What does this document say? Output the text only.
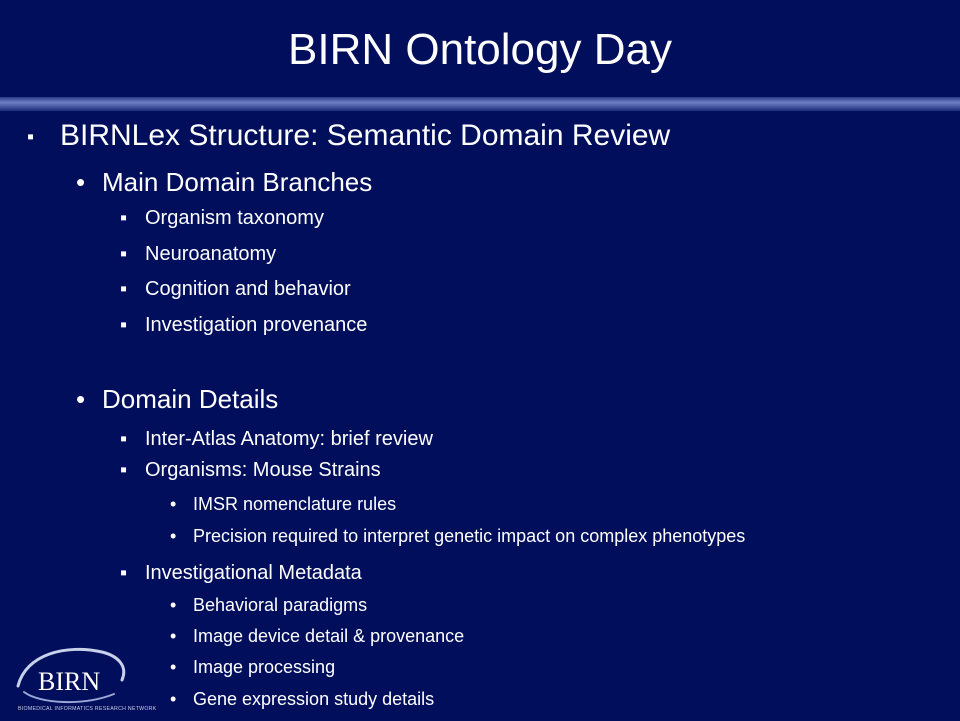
BIRN Ontology Day
▪ BIRNLex Structure: Semantic Domain Review
• Main Domain Branches
▪ Organism taxonomy
▪ Neuroanatomy
▪ Cognition and behavior
▪ Investigation provenance
• Domain Details
▪ Inter-Atlas Anatomy: brief review
▪ Organisms: Mouse Strains
• IMSR nomenclature rules
• Precision required to interpret genetic impact on complex phenotypes
▪ Investigational Metadata
• Behavioral paradigms
• Image device detail & provenance
• Image processing
• Gene expression study details
BIRN
BIOMEDICAL INFORMATICS RESEARCH NETWORK
